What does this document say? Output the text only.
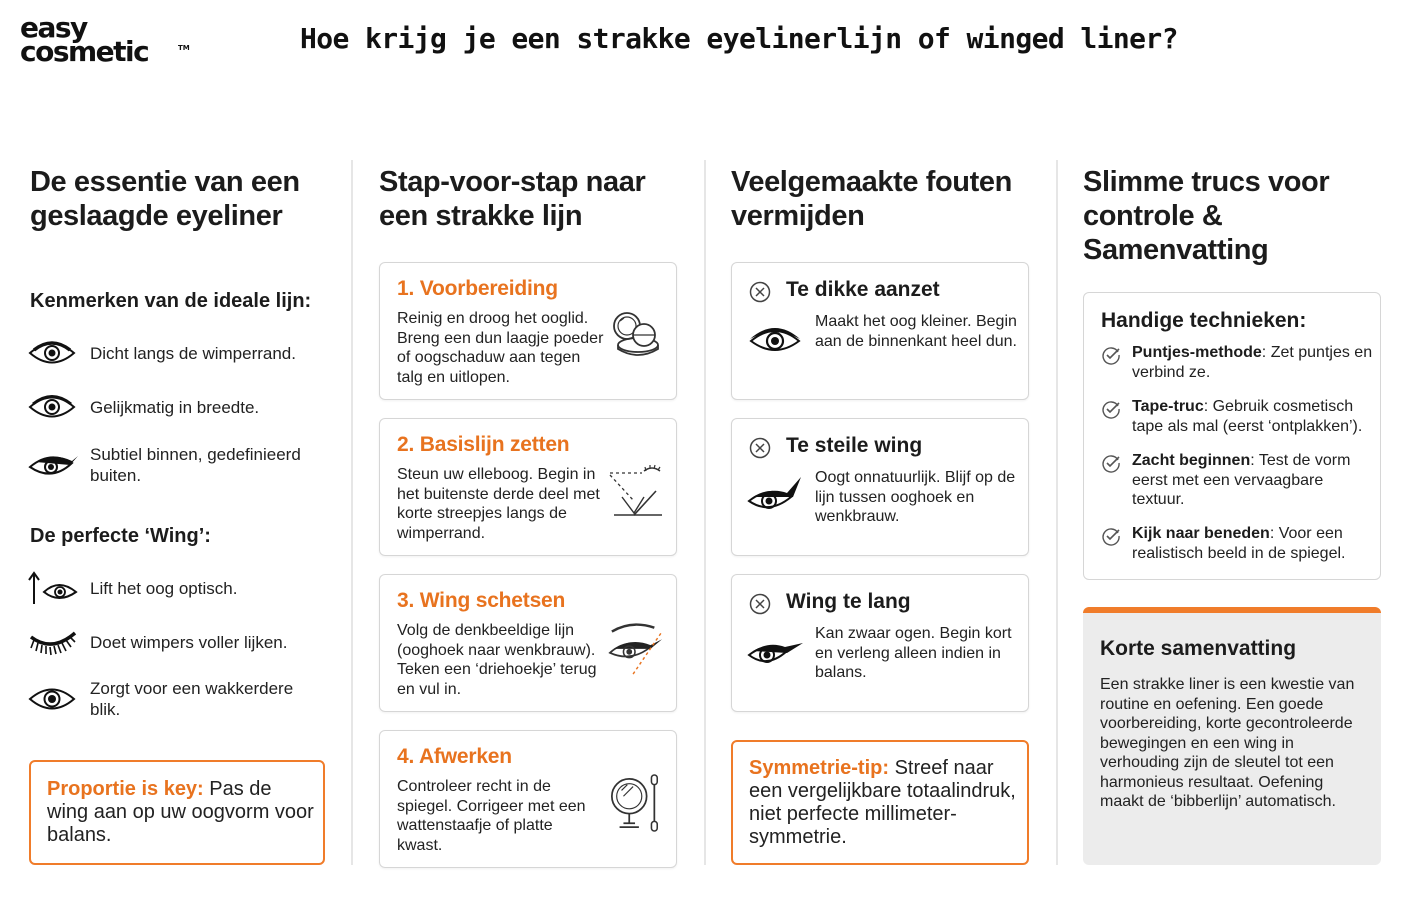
easy
cosmetic	TM	Hoe krijg je een strakke eyelinerlijn of winged liner?
De essentie van een geslaagde eyeliner
Kenmerken van de ideale lijn:
Dicht langs de wimperrand.
Gelijkmatig in breedte.
Subtiel binnen, gedefinieerd buiten.
De perfecte ‘Wing’:
Lift het oog optisch.
Doet wimpers voller lijken.
Zorgt voor een wakkerdere blik.
Proportie is key: Pas de wing aan op uw oogvorm voor balans.
Stap-voor-stap naar een strakke lijn
1. Voorbereiding
Reinig en droog het ooglid. Breng een dun laagje poeder of oogschaduw aan tegen talg en uitlopen.
2. Basislijn zetten
Steun uw elleboog. Begin in het buitenste derde deel met korte streepjes langs de wimperrand.
3. Wing schetsen
Volg de denkbeeldige lijn (ooghoek naar wenkbrauw). Teken een ‘driehoekje’ terug en vul in.
4. Afwerken
Controleer recht in de spiegel. Corrigeer met een wattenstaafje of platte kwast.
Veelgemaakte fouten vermijden
Te dikke aanzet
Maakt het oog kleiner. Begin aan de binnenkant heel dun.
Te steile wing
Oogt onnatuurlijk. Blijf op de lijn tussen ooghoek en wenkbrauw.
Wing te lang
Kan zwaar ogen. Begin kort en verleng alleen indien in balans.
Symmetrie-tip: Streef naar een vergelijkbare totaalindruk, niet perfecte millimeter-symmetrie.
Slimme trucs voor controle & Samenvatting
Handige technieken:
Puntjes-methode: Zet puntjes en verbind ze.
Tape-truc: Gebruik cosmetisch tape als mal (eerst ‘ontplakken’).
Zacht beginnen: Test de vorm eerst met een vervaagbare textuur.
Kijk naar beneden: Voor een realistisch beeld in de spiegel.
Korte samenvatting
Een strakke liner is een kwestie van routine en oefening. Een goede voorbereiding, korte gecontroleerde bewegingen en een wing in verhouding zijn de sleutel tot een harmonieus resultaat. Oefening maakt de ‘bibberlijn’ automatisch.
